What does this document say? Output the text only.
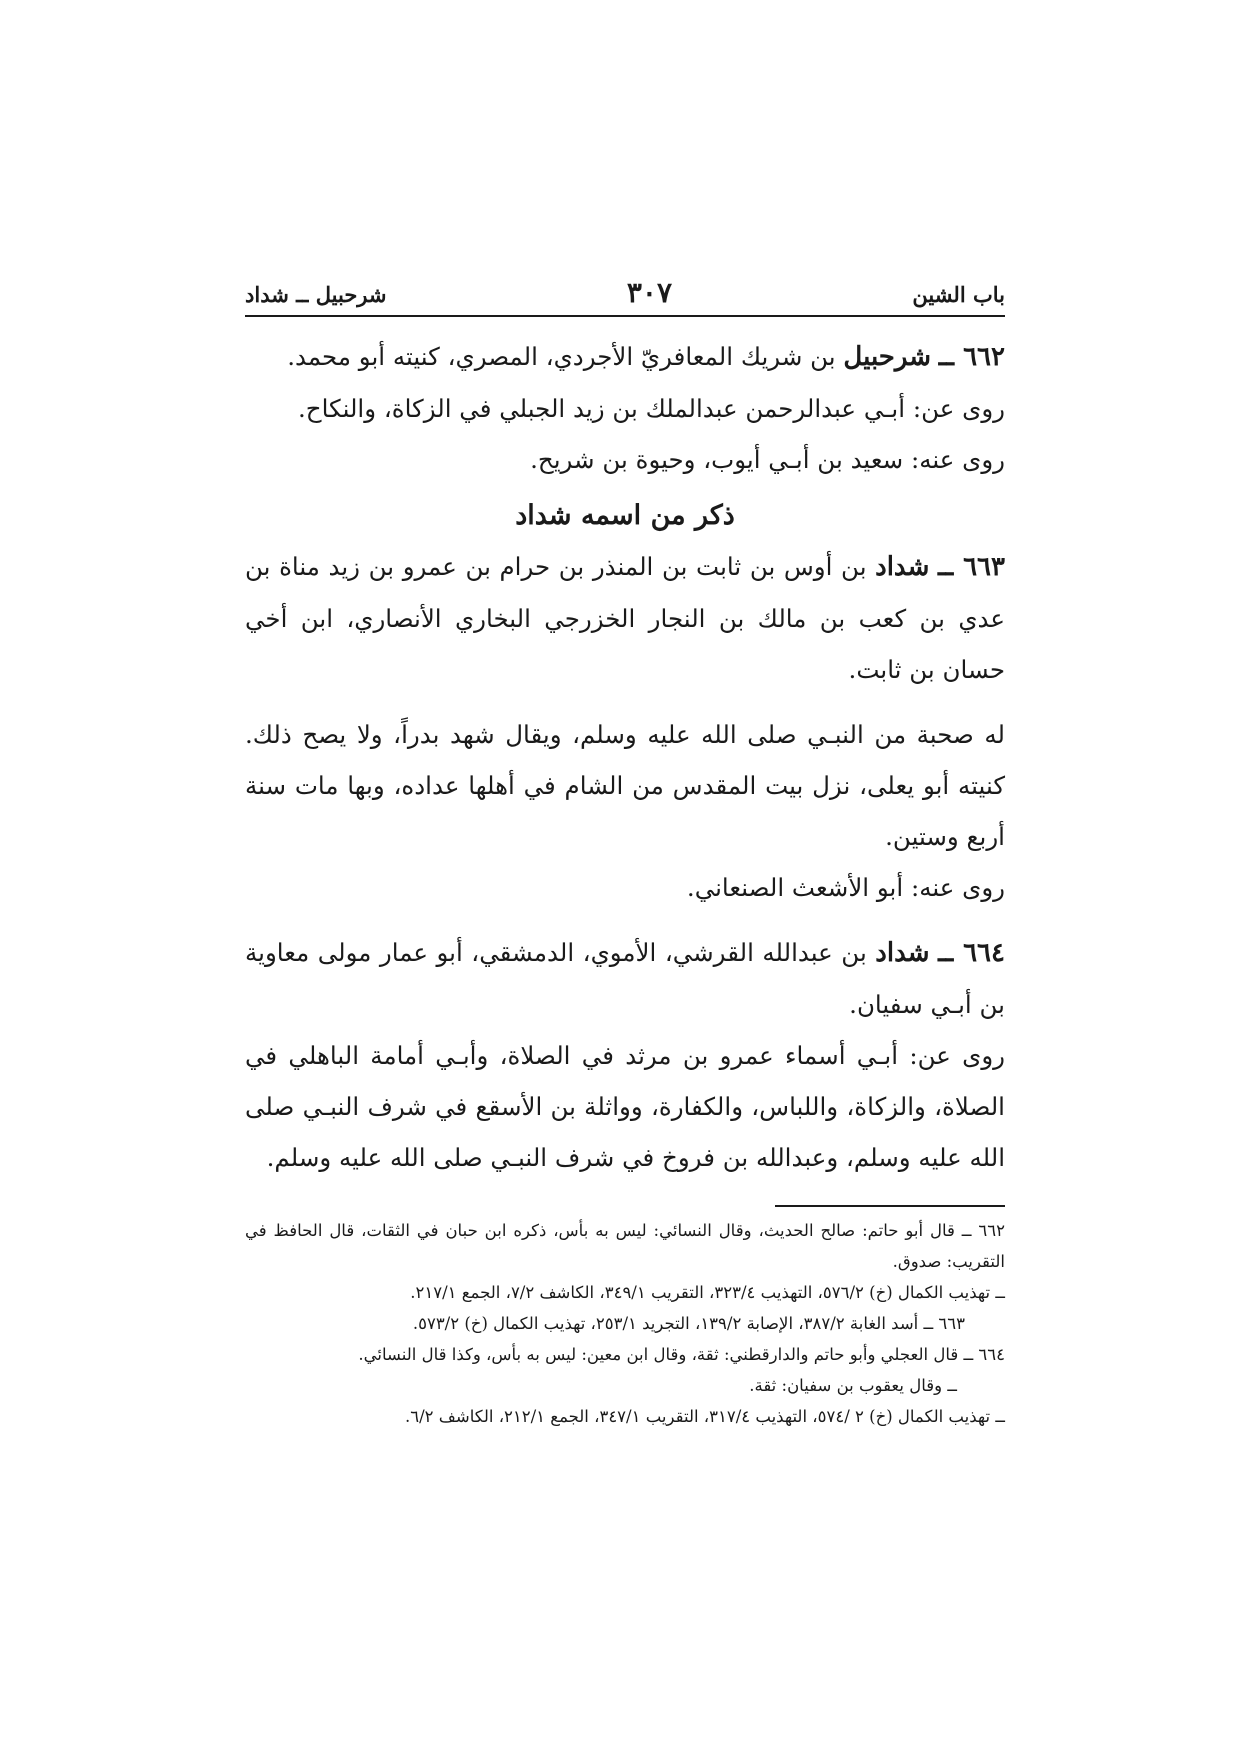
باب الشين
٣٠٧
شرحبيل ــ شداد

٦٦٢ ــ شرحبيل بن شريك المعافريّ الأجردي، المصري، كنيته أبو محمد.

روى عن: أبـي عبدالرحمن عبدالملك بن زيد الجبلي في الزكاة، والنكاح.

روى عنه: سعيد بن أبـي أيوب، وحيوة بن شريح.

ذكر من اسمه شداد

٦٦٣ ــ شداد بن أوس بن ثابت بن المنذر بن حرام بن عمرو بن زيد مناة بن عدي بن كعب بن مالك بن النجار الخزرجي البخاري الأنصاري، ابن أخي حسان بن ثابت.

له صحبة من النبـي صلى الله عليه وسلم، ويقال شهد بدراً، ولا يصح ذلك. كنيته أبو يعلى، نزل بيت المقدس من الشام في أهلها عداده، وبها مات سنة أربع وستين.

روى عنه: أبو الأشعث الصنعاني.

٦٦٤ ــ شداد بن عبدالله القرشي، الأموي، الدمشقي، أبو عمار مولى معاوية بن أبـي سفيان.

روى عن: أبـي أسماء عمرو بن مرثد في الصلاة، وأبـي أمامة الباهلي في الصلاة، والزكاة، واللباس، والكفارة، وواثلة بن الأسقع في شرف النبـي صلى الله عليه وسلم، وعبدالله بن فروخ في شرف النبـي صلى الله عليه وسلم.

٦٦٢ ــ قال أبو حاتم: صالح الحديث، وقال النسائي: ليس به بأس، ذكره ابن حبان في الثقات، قال الحافظ في التقريب: صدوق.
ــ تهذيب الكمال (خ) ٥٧٦/٢، التهذيب ٣٢٣/٤، التقريب ٣٤٩/١، الكاشف ٧/٢، الجمع ٢١٧/١.

٦٦٣ ــ أسد الغابة ٣٨٧/٢، الإصابة ١٣٩/٢، التجريد ٢٥٣/١، تهذيب الكمال (خ) ٥٧٣/٢.

٦٦٤ ــ قال العجلي وأبو حاتم والدارقطني: ثقة، وقال ابن معين: ليس به بأس، وكذا قال النسائي.
ــ وقال يعقوب بن سفيان: ثقة.
ــ تهذيب الكمال (خ) ٢ /٥٧٤، التهذيب ٣١٧/٤، التقريب ٣٤٧/١، الجمع ٢١٢/١، الكاشف ٦/٢.
